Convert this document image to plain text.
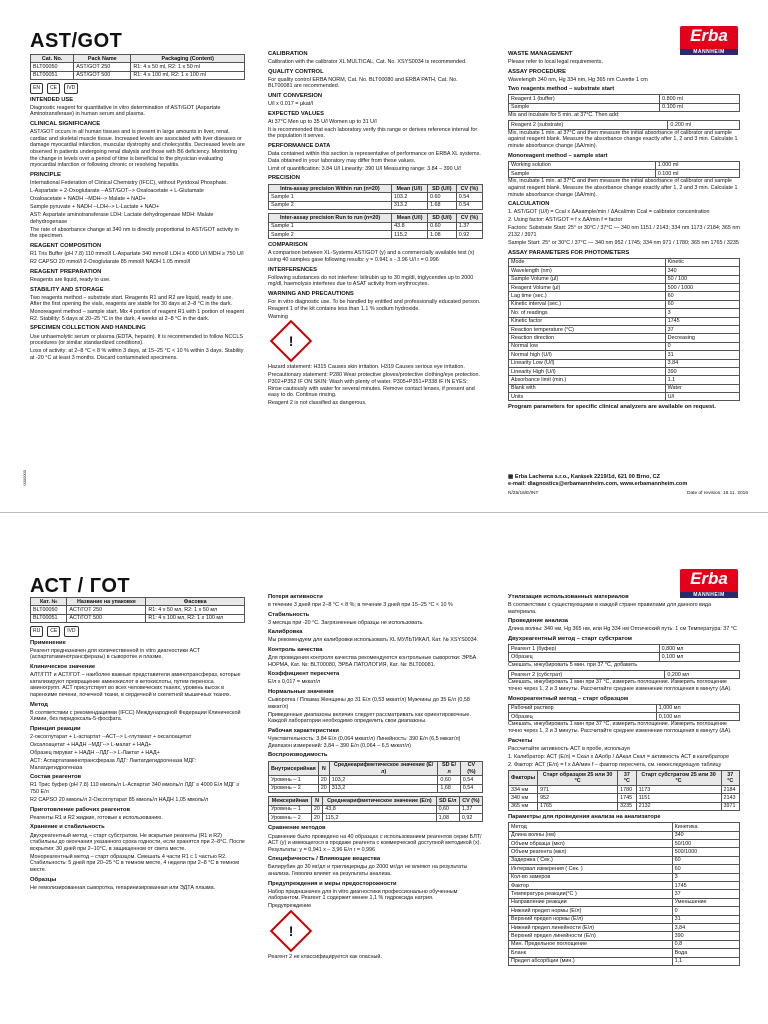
AST/GOT	Erba
MANNHEIM
Cat. No.	Pack Name	Packaging (Content)
BLT00050	AST/GOT 250	R1: 4 x 50 ml, R2: 1 x 50 ml
BLT00051	AST/GOT 500	R1: 4 x 100 ml, R2: 1 x 100 ml
EN	CE	IVD

INTENDED USE

Diagnostic reagent for quantitative in vitro determination of AST/GOT (Aspartate Aminotransferase) in human serum and plasma.

CLINICAL SIGNIFICANCE

AST/GOT occurs in all human tissues and is present in large amounts in liver, renal, cardiac and skeletal muscle tissue. Increased levels are associated with liver diseases or damage myocardial infarction, muscular dystrophy and cholecystitis. Decreased levels are observed in patients undergoing renal dialysis and those with B6 deficiency. Monitoring the change in levels over a period of time is beneficial to the physician evaluating myocardial infarction or following chronic or resolving hepatitis.

PRINCIPLE

International Federation of Clinical Chemistry (IFCC), without Pyridoxal Phosphate.

L-Aspartate + 2-Oxoglutarate --AST/GOT--> Oxaloacetate + L-Glutamate

Oxaloacetate + NADH --MDH--> Malate + NAD+

Sample pyruvate + NADH --LDH--> L-Lactate + NAD+

AST: Aspartate aminotransferase LDH: Lactate dehydrogenase MDH: Malate dehydrogenase

The rate of absorbance change at 340 nm is directly proportional to AST/GOT activity in the specimen.

REAGENT COMPOSITION

R1 Tris Buffer (pH 7.8) 110 mmol/l L-Aspartate 340 mmol/l LDH ≥ 4000 U/l MDH ≥ 750 U/l

R2 CAPSO 20 mmol/l 2-Oxoglutarate 85 mmol/l NADH 1.05 mmol/l

REAGENT PREPARATION

Reagents are liquid, ready to use.

STABILITY AND STORAGE

Two reagents method – substrate start. Reagents R1 and R2 are liquid, ready to use. After the first opening the vials, reagents are stable for 30 days at 2–8 °C in the dark.

Monoreagent method – sample start. Mix 4 portion of reagent R1 with 1 portion of reagent R2. Stability: 5 days at 20–25 °C in the dark, 4 weeks at 2–8 °C in the dark.

SPECIMEN COLLECTION AND HANDLING

Use unhaemolytic serum or plasma (EDTA, heparin). It is recommended to follow NCCLS procedures (or similar standardized conditions).

Loss of activity: at 2–8 °C < 8 % within 3 days, at 15–25 °C < 10 % within 3 days. Stability at -20 °C at least 3 months. Discard contaminated specimens.

0000000

CALIBRATION

Calibration with the calibrator XL MULTICAL, Cat. No. XSYS0034 is recommended.

QUALITY CONTROL

For quality control ERBA NORM, Cat. No. BLT00080 and ERBA PATH, Cat. No. BLT00081 are recommended.

UNIT CONVERSION

U/l x 0.017 = µkat/l

EXPECTED VALUES

At 37°C Men up to 35 U/l Women up to 31 U/l

It is recommended that each laboratory verify this range or derives reference interval for the population it serves.

PERFORMANCE DATA

Data contained within this section is representative of performance on ERBA XL systems. Data obtained in your laboratory may differ from these values.

Limit of quantification: 3.84 U/l Linearity: 390 U/l Measuring range: 3.84 – 390 U/l

PRECISION

Intra-assay precision Within run (n=20)	Mean (U/l)	SD (U/l)	CV (%)
Sample 1	103.2	0.60	0.54
Sample 2	313.2	1.68	0.54
Inter-assay precision Run to run (n=20)	Mean (U/l)	SD (U/l)	CV (%)
Sample 1	43.8	0.60	1.37
Sample 2	115.2	1.08	0.92

COMPARISON

A comparison between XL-Systems AST/GOT (y) and a commercially available test (x) using 40 samples gave following results: y = 0.941 x - 3.96 U/l r = 0.996

INTERFERENCES

Following substances do not interfere: bilirubin up to 30 mg/dl, triglycerides up to 2000 mg/dl, haemolysis interferes due to ASAT activity from erythrocytes.

WARNING AND PRECAUTIONS

For in vitro diagnostic use. To be handled by entitled and professionally educated person. Reagent 1 of the kit contains less than 1.1 % sodium hydroxide.

Warning

!

Hazard statement: H315 Causes skin irritation. H319 Causes serious eye irritation.

Precautionary statement: P280 Wear protective gloves/protective clothing/eye protection. P302+P352 IF ON SKIN: Wash with plenty of water. P305+P351+P338 IF IN EYES: Rinse cautiously with water for several minutes. Remove contact lenses, if present and easy to do. Continue rinsing.

Reagent 2 is not classified as dangerous.

WASTE MANAGEMENT

Please refer to local legal requirements.

ASSAY PROCEDURE

Wavelength 340 nm, Hg 334 nm, Hg 365 nm Cuvette 1 cm

Two reagents method – substrate start

Reagent 1 (buffer)	0.800 ml
Sample	0.100 ml

Mix and incubate for 5 min. at 37°C. Then add:

Reagent 2 (substrate)	0.200 ml

Mix, incubate 1 min. at 37°C and then measure the initial absorbance of calibrator and sample against reagent blank. Measure the absorbance change exactly after 1, 2 and 3 min. Calculate 1 minute absorbance change (ΔA/min).

Monoreagent method – sample start

Working solution	1.000 ml
Sample	0.100 ml

Mix, incubate 1 min. at 37°C and then measure the initial absorbance of calibrator and sample against reagent blank. Measure the absorbance change exactly after 1, 2 and 3 min. Calculate 1 minute absorbance change (ΔA/min).

CALCULATION

1. AST/GOT (U/l) = Ccal x ΔAsample/min / ΔAcal/min Ccal = calibrator concentration

2. Using factor: AST/GOT = f x ΔA/min f = factor

Factors: Substrate Start: 25° or 30°C / 37°C — 340 nm 1151 / 2143; 334 nm 1173 / 2184; 365 nm 2132 / 3971

Sample Start: 25° or 30°C / 37°C — 340 nm 952 / 1745; 334 nm 971 / 1780; 365 nm 1765 / 3235

ASSAY PARAMETERS FOR PHOTOMETERS

Mode	Kinetic
Wavelength (nm)	340
Sample Volume (µl)	50 / 100
Reagent Volume (µl)	500 / 1000
Lag time (sec.)	60
Kinetic interval (sec.)	60
No. of readings	3
Kinetic factor	1745
Reaction temperature (°C)	37
Reaction direction	Decreasing
Normal low	0
Normal high (U/l)	31
Linearity Low (U/l)	3.84
Linearity High (U/l)	390
Absorbance limit (min.)	1.1
Blank with	Water
Units	U/l

Program parameters for specific clinical analyzers are available on request.

▩ Erba Lachema s.r.o., Karásek 2219/1d, 621 00 Brno, CZ
e-mail: diagnostics@erbamannheim.com, www.erbamannheim.com
N/25/16/E/INT	Date of revision: 16.11. 2016
АСТ / ГОТ	Erba
MANNHEIM
Кат. №	Название на упаковке	Фасовка
BLT00050	АСТ/ГОТ 250	R1: 4 x 50 мл, R2: 1 x 50 мл
BLT00051	АСТ/ГОТ 500	R1: 4 x 100 мл, R2: 1 x 100 мл
RU	CE	IVD

Применение

Реагент предназначен для количественной in vitro диагностики АСТ (аспартатаминотрансферазы) в сыворотке и плазме.

Клиническое значение

АЛТ/ГПТ и АСТ/ГОТ – наиболее важные представители аминотрансфераз, которые катализируют превращение аминокислот в кетокислоты, путем переноса аминогрупп. АСТ присутствует во всех человеческих тканях, уровень высок в паренхиме печени, почечной ткани, в сердечной и скелетной мышечных тканях.

Метод

В соответствии с рекомендациями (IFCC) Международной Федерации Клинической Химии, без пиридоксаль-5-фосфата.

Принцип реакции

2-оксоглутарат + L-аспартат --АСТ--> L-глутамат + оксалоацетат

Оксалоацетат + НАДН --МДГ--> L-малат + НАД+

Образец пируват + НАДН --ЛДГ--> L-Лактат + НАД+

АСТ: Аспартатаминотрансфераза ЛДГ: Лактатдегидрогеназа МДГ: Малатдегидрогеназа

Состав реагентов

R1 Трис буфер (pH 7.8) 110 ммоль/л L-Аспартат 340 ммоль/л ЛДГ ≥ 4000 Е/л МДГ ≥ 750 Е/л

R2 CAPSO 20 ммоль/л 2-Оксоглутарат 85 ммоль/л НАДН 1,05 ммоль/л

Приготовление рабочих реагентов

Реагенты R1 и R2 жидкие, готовые к использованию.

Хранение и стабильность

Двухреагентный метод – старт субстратом. Не вскрытые реагенты (R1 и R2) стабильны до окончания указанного срока годности, если хранятся при 2–8°C. После вскрытия: 30 дней при 2–10°C, в защищенном от света месте.

Монореагентный метод – старт образцом. Смешать 4 части R1 с 1 частью R2. Стабильность: 5 дней при 20–25 °C в темном месте, 4 недели при 2–8 °C в темном месте.

Образцы

Не гемолизированная сыворотка, гепаринизированная или ЭДТА плазма.

Потеря активности

в течение 3 дней при 2–8 °C < 8 %; в течение 3 дней при 15–25 °C < 10 %

Стабильность

3 месяца при -20 °C. Загрязненные образцы не использовать.

Калибровка

Мы рекомендуем для калибровки использовать XL МУЛЬТИКАЛ, Кат. № XSYS0034.

Контроль качества

Для проведения контроля качества рекомендуются контрольные сыворотки: ЭРБА НОРМА, Кат. №: BLT00080, ЭРБА ПАТОЛОГИЯ, Кат. №: BLT00081.

Коэффициент пересчета

Е/л х 0,017 = мккат/л

Нормальные значения

Сыворотка / Плазма Женщины до 31 Е/л (0,53 мккат/л) Мужчины до 35 Е/л (0,58 мккат/л)

Приведенные диапазоны величин следует рассматривать как ориентировочные. Каждой лаборатории необходимо определить свои диапазоны.

Рабочая характеристики

Чувствительность: 3,84 Е/л (0,064 мккат/л) Линейность: 390 Е/л (6,5 мккат/л) Диапазон измерений: 3,84 – 390 Е/л (0,064 – 6,5 мккат/л)

Воспроизводимость

Внутрисерийная	N	Среднеарифметическое значение (Е/л)	SD Е/л	CV (%)
Уровень – 1	20	103,2	0,60	0,54
Уровень – 2	20	313,2	1,68	0,54
Межсерийная	N	Среднеарифметическое значение (Е/л)	SD Е/л	CV (%)
Уровень – 1	20	43,8	0,60	1,37
Уровень – 2	20	115,2	1,08	0,92

Сравнение методов

Сравнение было проведено на 40 образцах с использованием реагентов серии БЛТ/АСТ (у) и имеющегося в продаже реагента с коммерческой доступной методикой (х). Результаты: y = 0,941 x – 3,96 Е/л r = 0,996

Специфичность / Влияющие вещества

Билирубин до 30 мг/дл и триглицериды до 2000 мг/дл не влияют на результаты анализа. Гемолиз влияет на результаты анализа.

Предупреждения и меры предосторожности

Набор предназначен для in vitro диагностики профессионально обученным лаборантом. Реагент 1 содержит менее 1,1 % гидроксида натрия.

Предупреждение

!

Реагент 2 не классифицируется как опасный.

Утилизация использованных материалов

В соответствии с существующими в каждой стране правилами для данного вида материала.

Проведение анализа

Длина волны: 340 нм, Hg 365 нм, или Hg 334 нм Оптический путь: 1 см Температура: 37 °C

Двухреагентный метод – старт субстратом

Реагент 1 (буфер)	0,800 мл
Образец	0,100 мл

Смешать, инкубировать 5 мин. при 37 °C, добавить

Реагент 2 (субстрат)	0,200 мл

Смешать, инкубировать 1 мин при 37 °C, измерить поглощение. Измерить поглощение точно через 1, 2 и 3 минуты. Рассчитайте среднее изменение поглощения в минуту (ΔA).

Монореагентный метод – старт образцом

Рабочий раствор	1,000 мл
Образец	0,100 мл

Смешать, инкубировать 1 мин при 37 °C, измерить поглощение. Измерить поглощение точно через 1, 2 и 3 минуты. Рассчитайте среднее изменение поглощения в минуту (ΔA).

Расчеты

Рассчитайте активность АСТ в пробе, используя

1. Калибратор: АСТ (Е/л) = Скал x ΔAобр / ΔAкал Скал = активность АСТ в калибраторе

2. Фактор: АСТ (Е/л) = f x ΔA/мин f – фактор пересчета, см. нижеследующую таблицу

Факторы	Старт образцом 25 или 30 °C	37 °C	Старт субстратом 25 или 30 °C	37 °C
334 нм	971	1780	1173	2184
340 нм	952	1745	1151	2143
365 нм	1765	3235	2132	3971

Параметры для проведения анализа на анализаторе

Метод	Кинетика
Длина волны (нм)	340
Объем образца (мкл)	50/100
Объем реагента (мкл)	500/1000
Задержка ( Сек.)	60
Интервал измерения ( Сек. )	60
Кол-во замеров	3
Фактор	1745
Температура реакции(°C )	37
Направление реакции	Уменьшение
Нижний предел нормы (Е/л)	0
Верхний предел нормы (Е/л)	31
Нижний предел линейности (Е/л)	3,84
Верхний предел линейности (Е/л)	390
Мин. Предельное поглощение	0,8
Бланк	Вода
Предел абсорбции (мин.)	1,1
